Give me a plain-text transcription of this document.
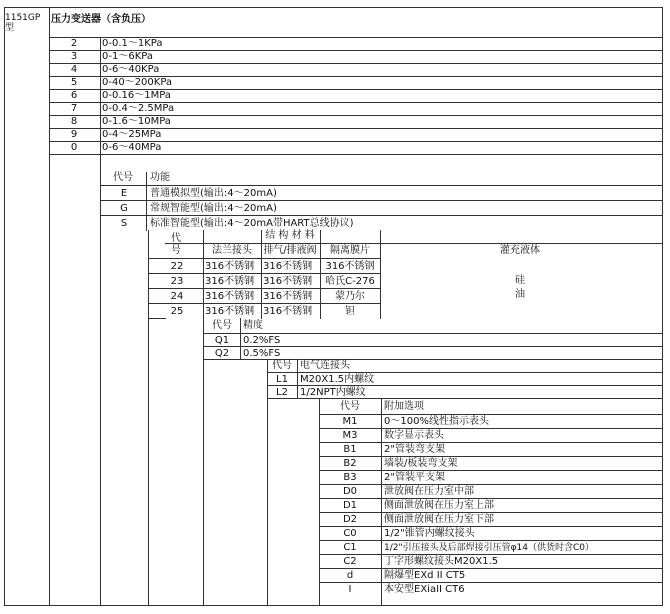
1151GP
型
压力变送器（含负压）
2 0-0.1～1KPa
3 0-1～6KPa
4 0-6～40KPa
5 0-40～200KPa
6 0-0.16～1MPa
7 0-0.4～2.5MPa
8 0-1.6～10MPa
9 0-4～25MPa
0 0-6～40MPa
代号 功能
E 普通模拟型(输出:4～20mA)
G 常规智能型(输出:4～20mA)
S 标准智能型(输出:4～20mA带HART总线协议)
代
号
结 构 材 料
法兰接头 排气/排液阀 隔离膜片	灌充液体
22 316不锈钢 316不锈钢 316不锈钢
23 316不锈钢 316不锈钢 哈氏C-276
24 316不锈钢 316不锈钢 蒙乃尔
25 316不锈钢 316不锈钢	钽
硅
油
代号 精度
Q1 0.2%FS
Q2 0.5%FS
代号 电气连接头
L1 M20X1.5内螺纹
L2 1/2NPT内螺纹
代号 附加选项
M1	0～100%线性指示表头
M3	数字显示表头
B1	2"管装弯支架
B2	墙装/板装弯支架
B3	2"管装平支架
D0	泄放阀在压力室中部
D1	侧面泄放阀在压力室上部
D2	侧面泄放阀在压力室下部
C0	1/2"锥管内螺纹接头
C1	1/2"引压接头及后部焊接引压管φ14（供货时含C0）
C2	丁字形螺纹接头M20X1.5
d	隔爆型EXd II CT5
I	本安型EXiaII CT6
